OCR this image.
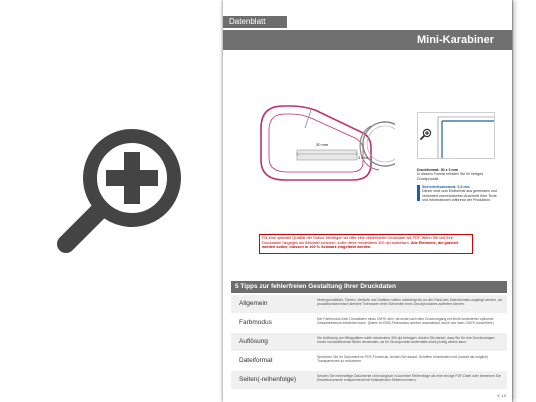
Datenblatt
Mini-Karabiner
30 mm
3 mm
Druckformat: 30 x 3 mm
In diesem Format erhalten Sie Ihr fertiges Druckprodukt.
Sicherheitsabstand: 0,5 mm
Dieser wird vom Endformat aus gemessen und verhindert unerwünschten Anschnitt Ihrer Texte und Informationen während der Produktion.
Für eine optimale Qualität der Gravur benötigen wir bitte eine vektorisierte Druckdatei als PDF. Wenn Sie uns Ihre Druckdaten hingegen als Bilddatei schicken, sollte diese mindestens 300 dpi aufweisen. Alle Elemente, die graviert werden sollen, müssen in 100 % Schwarz eingefärbt werden.
5 Tipps zur fehlerfreien Gestaltung Ihrer Druckdaten
Allgemein	Hintergrundbilder, Farben, Verläufe und Grafiken sollten unbedingt bis an den Rand des Datenformats angelegt werden, da produktionstechnisch kleinere Toleranzen beim Schneiden Ihres Druckproduktes auftreten können.
Farbmodus	Der Farbmodus Ihrer Druckdaten muss CMYK sein, da sonst nach dem Druckvorgang ein leicht veränderter optischer Gesamteindruck entstehen kann. (Daten im RGB-Farbmodus werden automatisch durch uns nach CMYK konvertiert.)
Auflösung	Die Auflösung von Bildgrafiken sollte mindestens 300 dpi betragen. Achten Sie darauf, dass Sie für Ihre Druckvorlagen immer hochauflösende Bilder verwenden, da Ihr Druckprodukt andernfalls leicht pixelig wirken kann.
Dateiformat	Speichern Sie Ihr Dokument im PDF-Format ab. Achten Sie darauf, Schriften einzubetten und (soweit als möglich) Transparenzen zu reduzieren.
Seiten(-reihenfolge)	Senden Sie mehrseitige Dokumente chronologisch in korrekter Reihenfolge als eine einzige PDF-Datei oder benennen Sie Einzeldokumente entsprechend mit fortlaufenden Seitennummern.
V. 1.0
